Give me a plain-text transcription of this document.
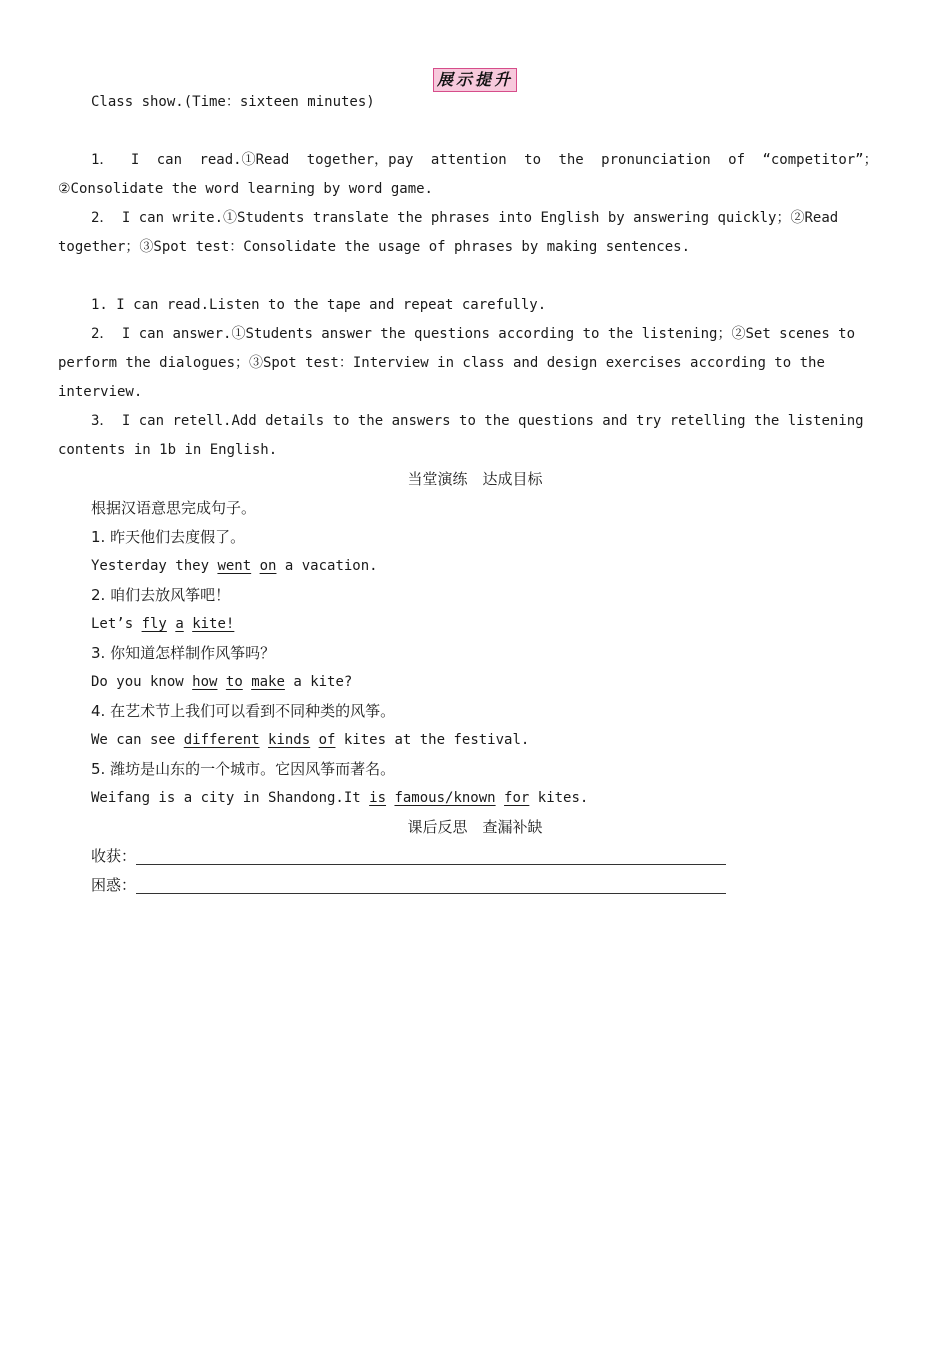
展示提升
Class show.(Time：sixteen minutes)
1． I can read.①Read together，pay attention to the pronunciation of “competitor”；
②Consolidate the word learning by word game.
2． I can write.①Students translate the phrases into English by answering quickly；②Read
together；③Spot test：Consolidate the usage of phrases by making sentences.
1. I can read.Listen to the tape and repeat carefully.
2． I can answer.①Students answer the questions according to the listening；②Set scenes to
perform the dialogues；③Spot test：Interview in class and design exercises according to the
interview.
3． I can retell.Add details to the answers to the questions and try retelling the listening
contents in 1b in English.
当堂演练　达成目标
根据汉语意思完成句子。
1. 昨天他们去度假了。
Yesterday they went on a vacation.
2. 咱们去放风筝吧！
Let’s fly a kite!
3. 你知道怎样制作风筝吗？
Do you know how to make a kite?
4. 在艺术节上我们可以看到不同种类的风筝。
We can see different kinds of kites at the festival.
5. 潍坊是山东的一个城市。它因风筝而著名。
Weifang is a city in Shandong.It is famous/known for kites.
课后反思　查漏补缺
收获：
困惑：
